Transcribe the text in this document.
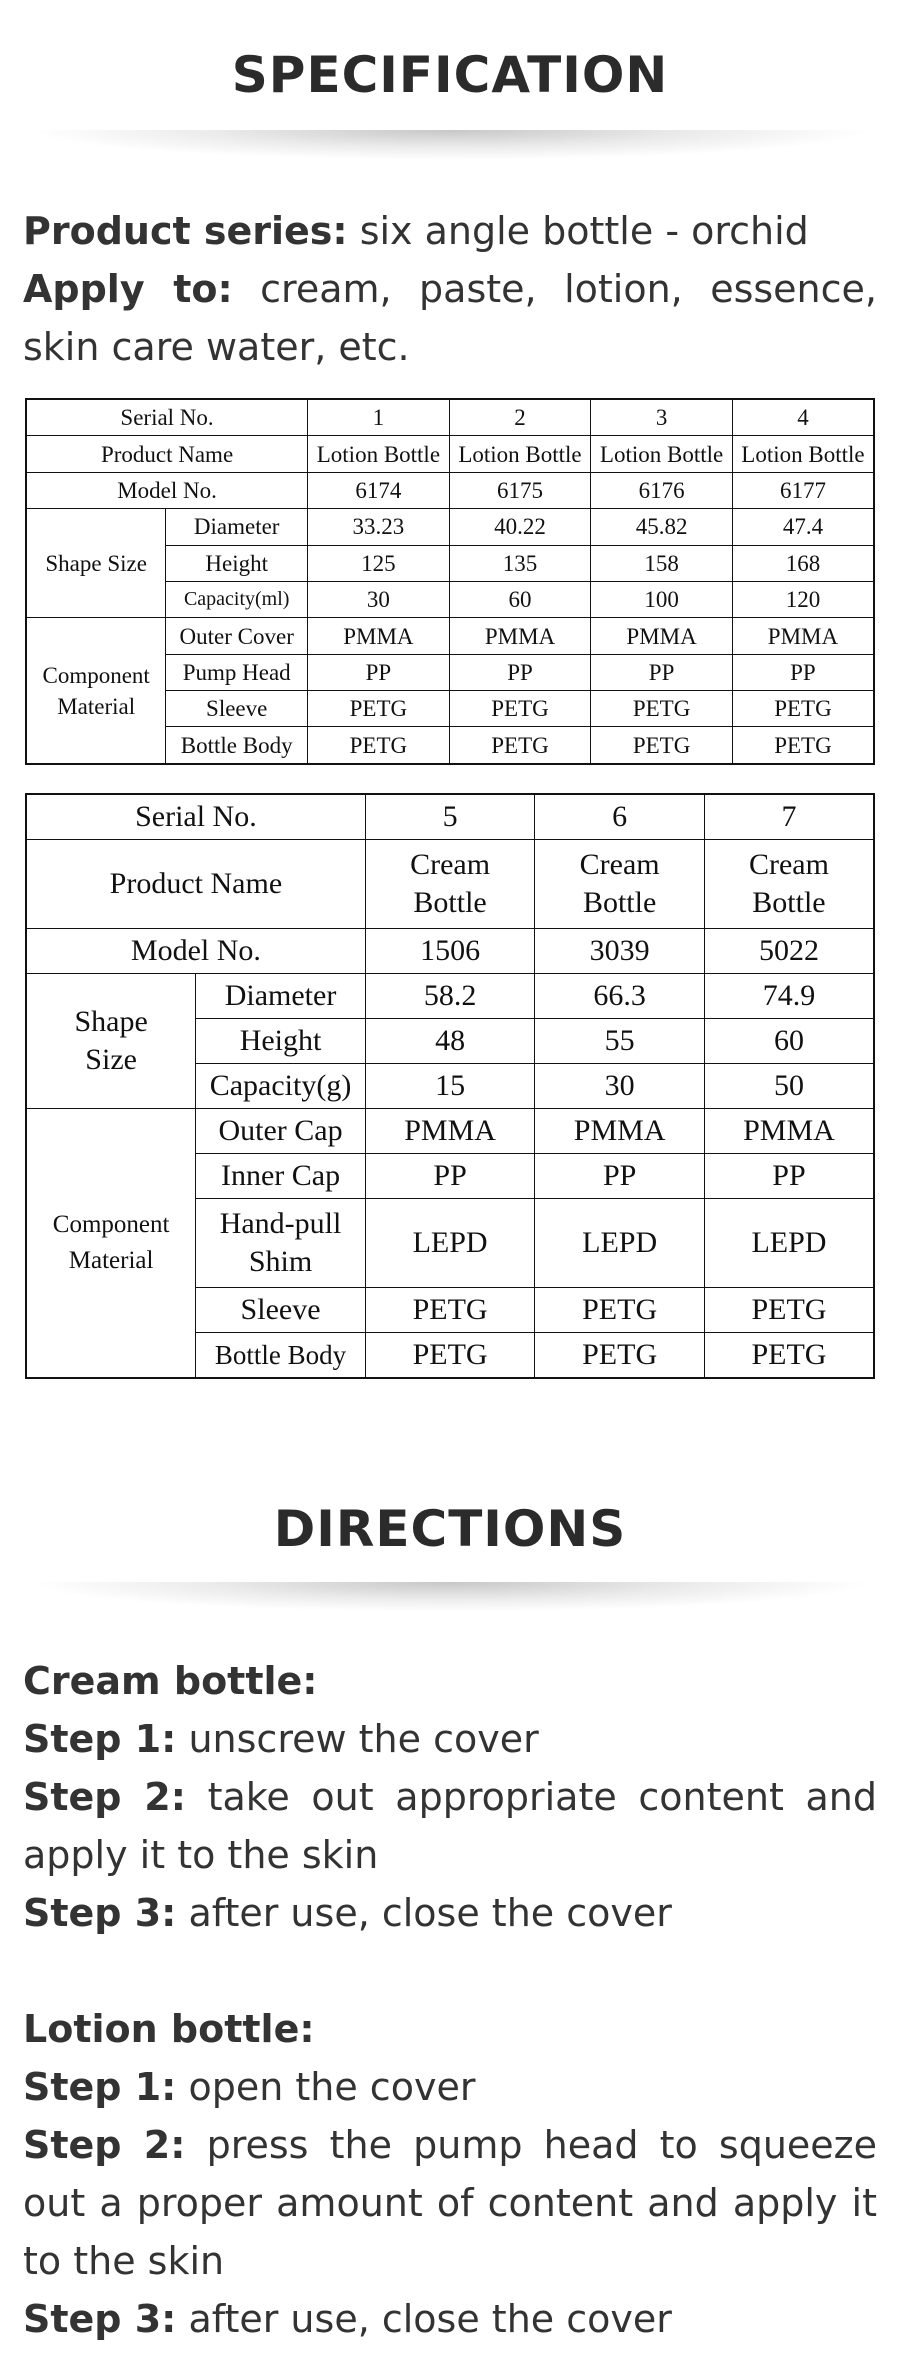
SPECIFICATION

Product series: six angle bottle - orchid

Apply to: cream, paste, lotion, essence, skin care water, etc.

Serial No.		1	2	3	4
Product Name		Lotion Bottle	Lotion Bottle	Lotion Bottle	Lotion Bottle
Model No.		6174	6175	6176	6177
Shape Size	Diameter	33.23	40.22	45.82	47.4
	Height	125	135	158	168
	Capacity(ml)	30	60	100	120
Component Material	Outer Cover	PMMA	PMMA	PMMA	PMMA
	Pump Head	PP	PP	PP	PP
	Sleeve	PETG	PETG	PETG	PETG
	Bottle Body	PETG	PETG	PETG	PETG
Serial No.		5	6	7
Product Name		Cream Bottle	Cream Bottle	Cream Bottle
Model No.		1506	3039	5022
Shape Size	Diameter	58.2	66.3	74.9
	Height	48	55	60
	Capacity(g)	15	30	50
Component Material	Outer Cap	PMMA	PMMA	PMMA
	Inner Cap	PP	PP	PP
	Hand-pull Shim	LEPD	LEPD	LEPD
	Sleeve	PETG	PETG	PETG
	Bottle Body	PETG	PETG	PETG
DIRECTIONS

Cream bottle:

Step 1: unscrew the cover

Step 2: take out appropriate content and apply it to the skin

Step 3: after use, close the cover

Lotion bottle:

Step 1: open the cover

Step 2: press the pump head to squeeze out a proper amount of content and apply it to the skin

Step 3: after use, close the cover
